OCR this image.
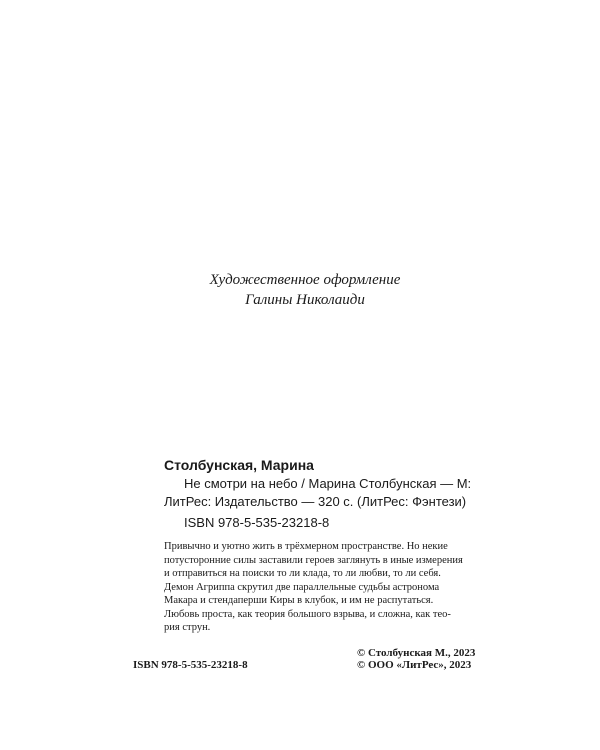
Художественное оформление
Галины Николаиди

Столбунская, Марина

Не смотри на небо / Марина Столбунская — М:
ЛитРес: Издательство — 320 с. (ЛитРес: Фэнтези)

ISBN 978-5-535-23218-8

Привычно и уютно жить в трёхмерном пространстве. Но некие
потусторонние силы заставили героев заглянуть в иные измерения
и отправиться на поиски то ли клада, то ли любви, то ли себя.
Демон Агриппа скрутил две параллельные судьбы астронома
Макара и стендаперши Киры в клубок, и им не распутаться.
Любовь проста, как теория большого взрыва, и сложна, как тео-
рия струн.
ISBN 978-5-535-23218-8
© Столбунская М., 2023
© ООО «ЛитРес», 2023
